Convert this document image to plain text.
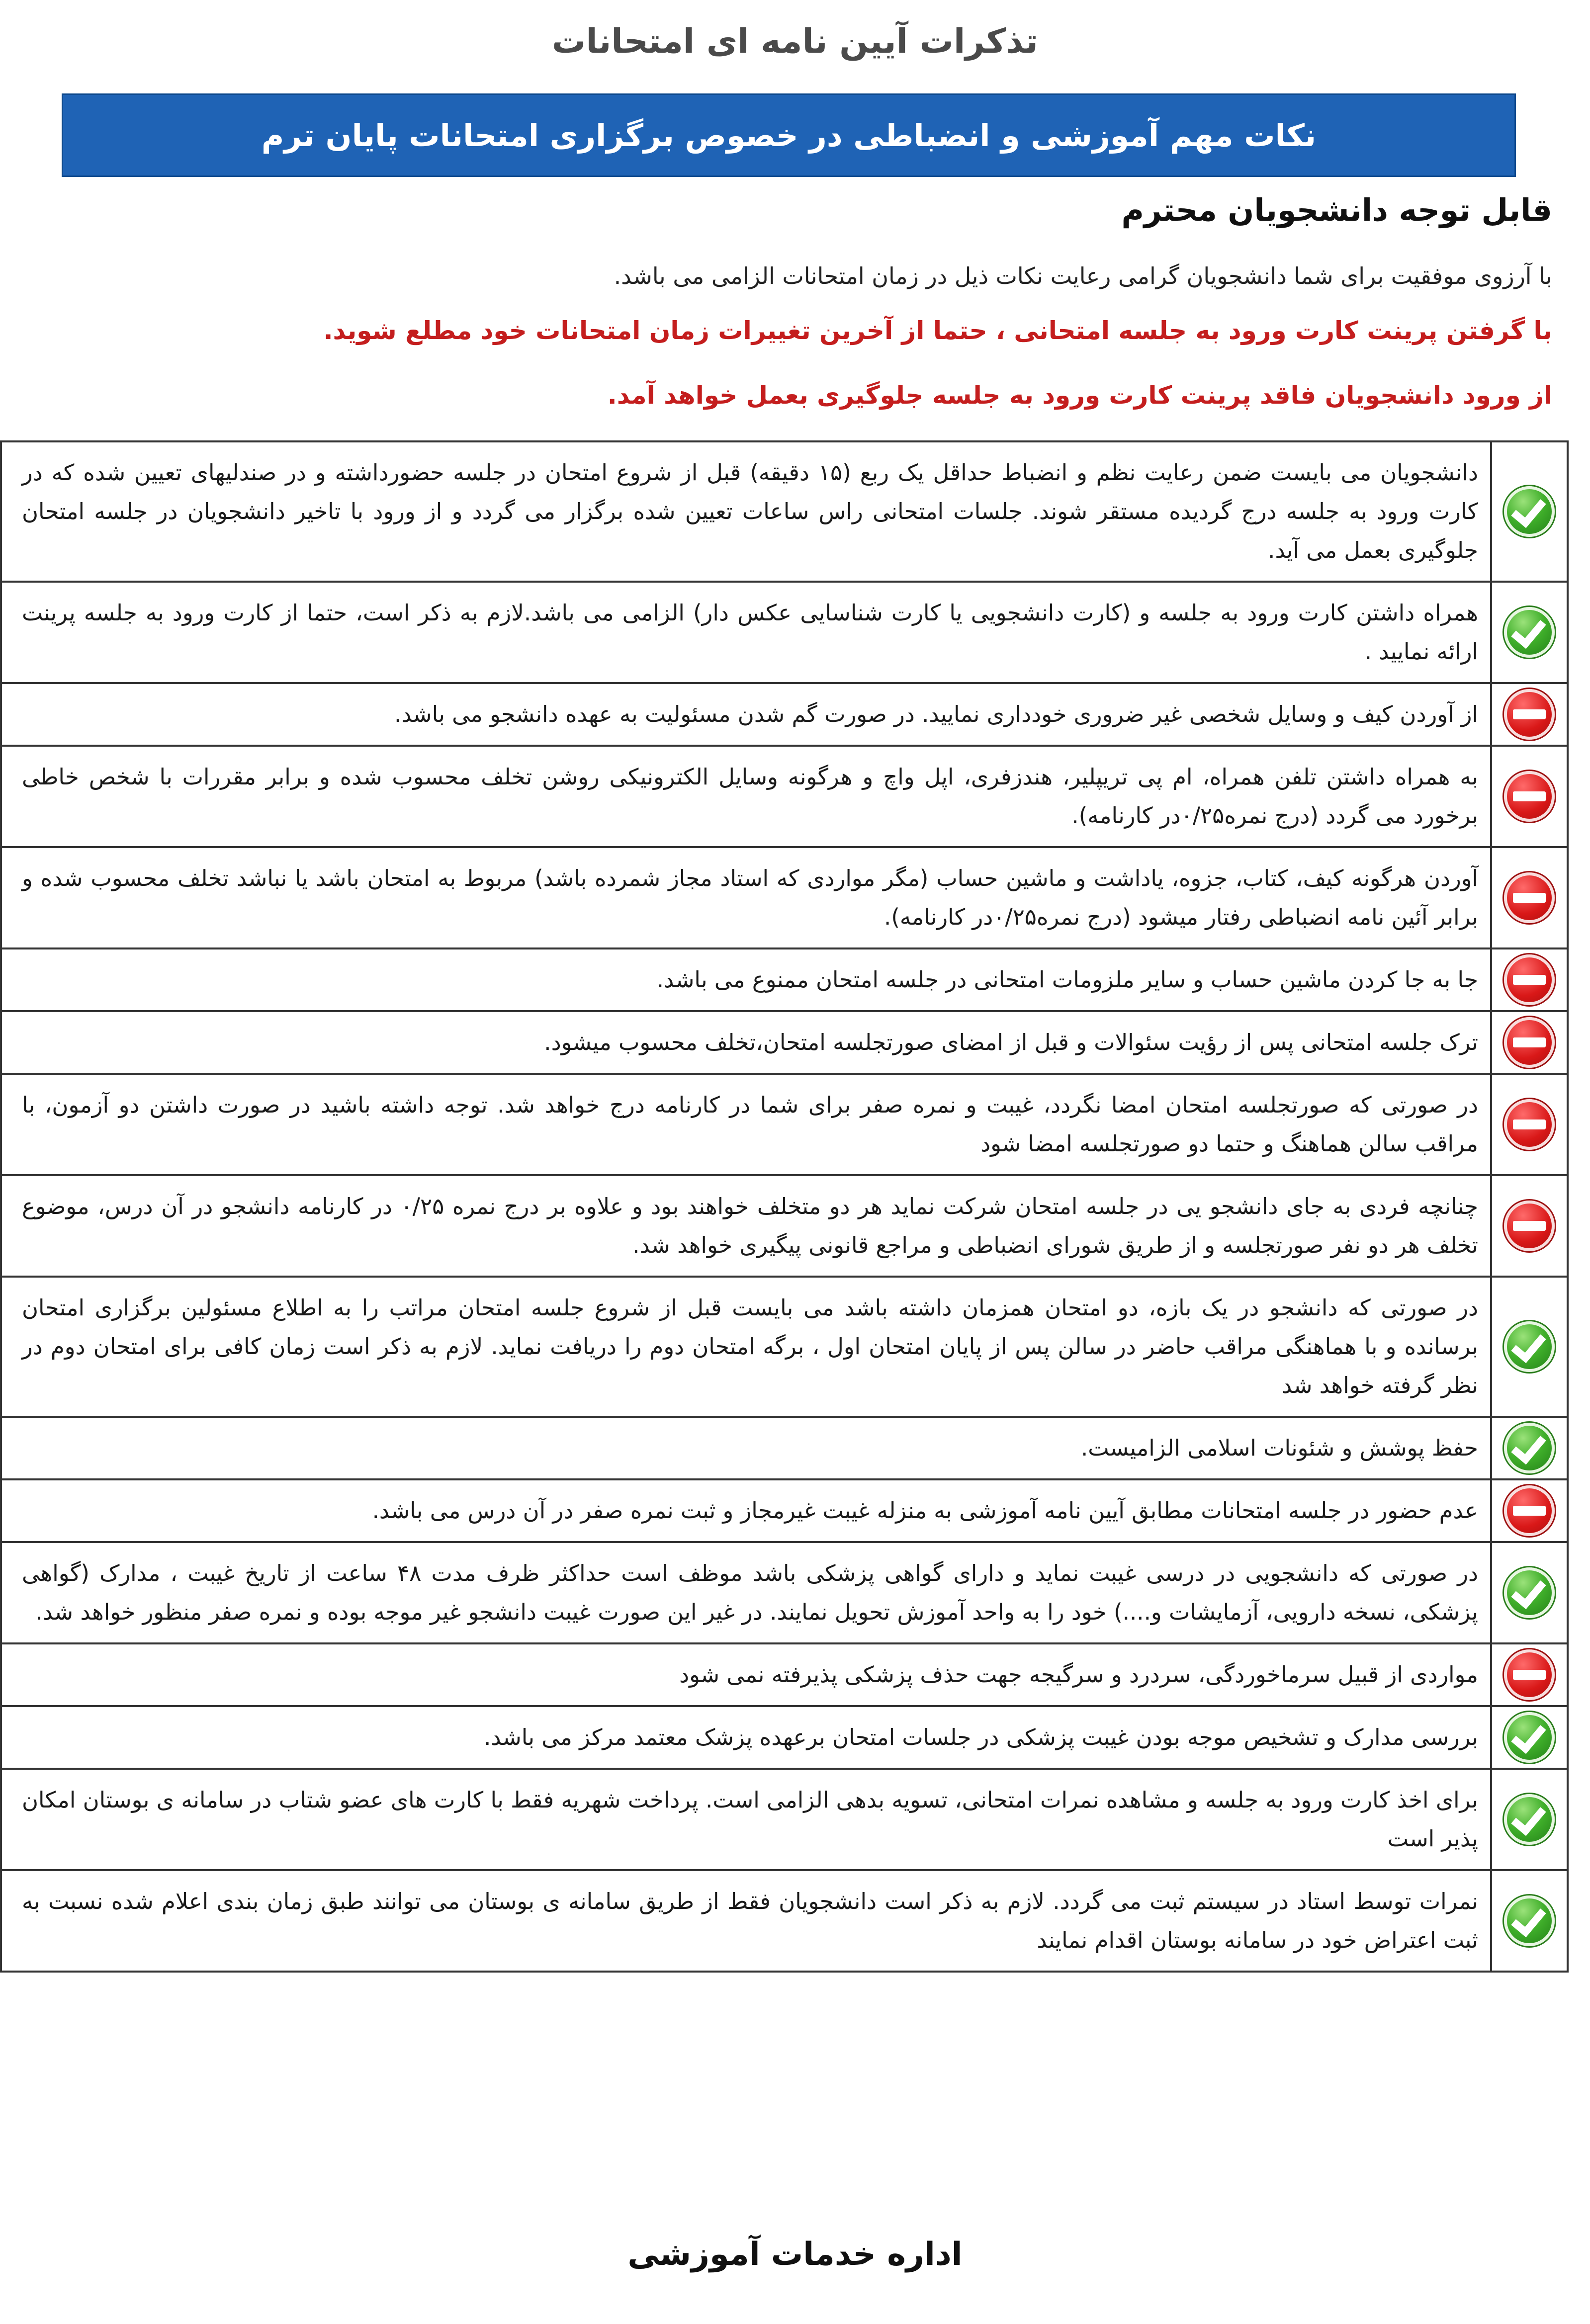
تذکرات آیین نامه ای امتحانات
نکات مهم آموزشی و انضباطی در خصوص برگزاری امتحانات پایان ترم
قابل توجه دانشجویان محترم
با آرزوی موفقیت برای شما دانشجویان گرامی رعایت نکات ذیل در زمان امتحانات الزامی می باشد.
با گرفتن پرینت کارت ورود به جلسه امتحانی ، حتما از آخرین تغییرات زمان امتحانات خود مطلع شوید.
از ورود دانشجویان فاقد پرینت کارت ورود به جلسه جلوگیری بعمل خواهد آمد.
	دانشجویان می بایست ضمن رعایت نظم و انضباط حداقل یک ربع (۱۵ دقیقه) قبل از شروع امتحان در جلسه حضورداشته و در صندلیهای تعیین شده که در کارت ورود به جلسه درج گردیده مستقر شوند. جلسات امتحانی راس ساعات تعیین شده برگزار می گردد و از ورود با تاخیر دانشجویان در جلسه امتحان جلوگیری بعمل می آید.
	همراه داشتن کارت ورود به جلسه و (کارت دانشجویی یا کارت شناسایی عکس دار) الزامی می باشد.لازم به ذکر است، حتما از کارت ورود به جلسه پرینت ارائه نمایید .
	از آوردن کیف و وسایل شخصی غیر ضروری خودداری نمایید. در صورت گم شدن مسئولیت به عهده دانشجو می باشد.
	به همراه داشتن تلفن همراه، ام پی تریپلیر، هندزفری، اپل واچ و هرگونه وسایل الکترونیکی روشن تخلف محسوب شده و برابر مقررات با شخص خاطی برخورد می گردد (درج نمره۰/۲۵در کارنامه).
	آوردن هرگونه کیف، کتاب، جزوه، یاداشت و ماشین حساب (مگر مواردی که استاد مجاز شمرده باشد) مربوط به امتحان باشد یا نباشد تخلف محسوب شده و برابر آئین نامه انضباطی رفتار میشود (درج نمره۰/۲۵در کارنامه).
	جا به جا کردن ماشین حساب و سایر ملزومات امتحانی در جلسه امتحان ممنوع می باشد.
	ترک جلسه امتحانی پس از رؤیت سئوالات و قبل از امضای صورتجلسه امتحان،تخلف محسوب میشود.
	در صورتی که صورتجلسه امتحان امضا نگردد، غیبت و نمره صفر برای شما در کارنامه درج خواهد شد. توجه داشته باشید در صورت داشتن دو آزمون، با مراقب سالن هماهنگ و حتما دو صورتجلسه امضا شود
	چنانچه فردی به جای دانشجو یی در جلسه امتحان شرکت نماید هر دو متخلف خواهند بود و علاوه بر درج نمره ۰/۲۵ در کارنامه دانشجو در آن درس، موضوع تخلف هر دو نفر صورتجلسه و از طریق شورای انضباطی و مراجع قانونی پیگیری خواهد شد.
	در صورتی که دانشجو در یک بازه، دو امتحان همزمان داشته باشد می بایست قبل از شروع جلسه امتحان مراتب را به اطلاع مسئولین برگزاری امتحان برسانده و با هماهنگی مراقب حاضر در سالن پس از پایان امتحان اول ، برگه امتحان دوم را دریافت نماید. لازم به ذکر است زمان کافی برای امتحان دوم در نظر گرفته خواهد شد
	حفظ پوشش و شئونات اسلامی الزامیست.
	عدم حضور در جلسه امتحانات مطابق آیین نامه آموزشی به منزله غیبت غیرمجاز و ثبت نمره صفر در آن درس می باشد.
	در صورتی که دانشجویی در درسی غیبت نماید و دارای گواهی پزشکی باشد موظف است حداکثر ظرف مدت ۴۸ ساعت از تاریخ غیبت ، مدارک (گواهی پزشکی، نسخه دارویی، آزمایشات و....) خود را به واحد آموزش تحویل نمایند. در غیر این صورت غیبت دانشجو غیر موجه بوده و نمره صفر منظور خواهد شد.
	مواردی از قبیل سرماخوردگی، سردرد و سرگیجه جهت حذف پزشکی پذیرفته نمی شود
	بررسی مدارک و تشخیص موجه بودن غیبت پزشکی در جلسات امتحان برعهده پزشک معتمد مرکز می باشد.
	برای اخذ کارت ورود به جلسه و مشاهده نمرات امتحانی، تسویه بدهی الزامی است. پرداخت شهریه فقط با کارت های عضو شتاب در سامانه ی بوستان امکان پذیر است
	نمرات توسط استاد در سیستم ثبت می گردد. لازم به ذکر است دانشجویان فقط از طریق سامانه ی بوستان می توانند طبق زمان بندی اعلام شده نسبت به ثبت اعتراض خود در سامانه بوستان اقدام نمایند
اداره خدمات آموزشی
